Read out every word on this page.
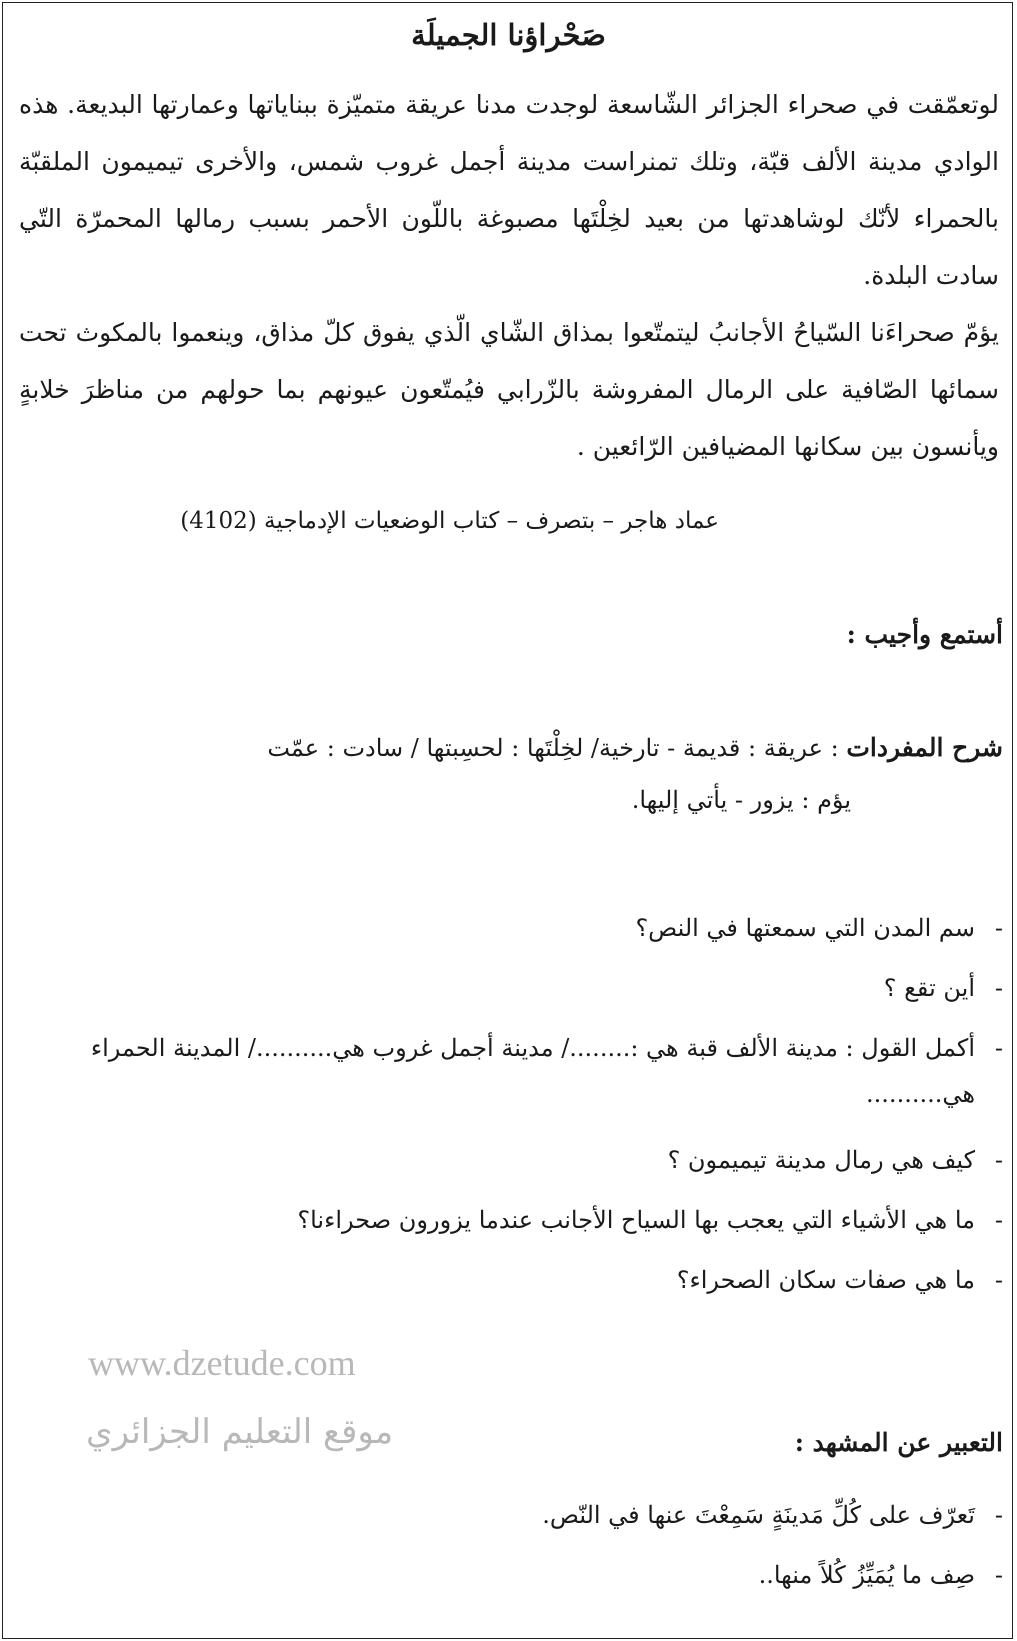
صَحْراؤنا الجميلَة

لوتعمّقت في صحراء الجزائر الشّاسعة لوجدت مدنا عريقة متميّزة ببناياتها وعمارتها البديعة. هذه الوادي مدينة الألف قبّة، وتلك تمنراست مدينة أجمل غروب شمس، والأخرى تيميمون الملقبّة بالحمراء لأنّك لوشاهدتها من بعيد لخِلْتَها مصبوغة باللّون الأحمر بسبب رمالها المحمرّة التّي سادت البلدة.

يؤمّ صحراءَنا السّياحُ الأجانبُ ليتمتّعوا بمذاق الشّاي الّذي يفوق كلّ مذاق، وينعموا بالمكوث تحت سمائها الصّافية على الرمال المفروشة بالزّرابي فيُمتّعون عيونهم بما حولهم من مناظرَ خلابةٍ ويأنسون بين سكانها المضيافين الرّائعين .

عماد هاجر – بتصرف – كتاب الوضعيات الإدماجية (4102)
أستمع وأجيب :
شرح المفردات : عريقة : قديمة - تارخية/ لخِلْتَها : لحسِبتها / سادت : عمّت
يؤم : يزور - يأتي إليها.
-
سم المدن التي سمعتها في النص؟
-
أين تقع ؟
-
أكمل القول : مدينة الألف قبة هي :......../ مدينة أجمل غروب هي........../ المدينة الحمراء هي..........
-
كيف هي رمال مدينة تيميمون ؟
-
ما هي الأشياء التي يعجب بها السياح الأجانب عندما يزورون صحراءنا؟
-
ما هي صفات سكان الصحراء؟
www.dzetude.com
موقع التعليم الجزائري	التعبير عن المشهد :
-
تَعرّف على كُلِّ مَدينَةٍ سَمِعْتَ عنها في النّص.
-
صِف ما يُمَيِّزُ كُلاً منها..
